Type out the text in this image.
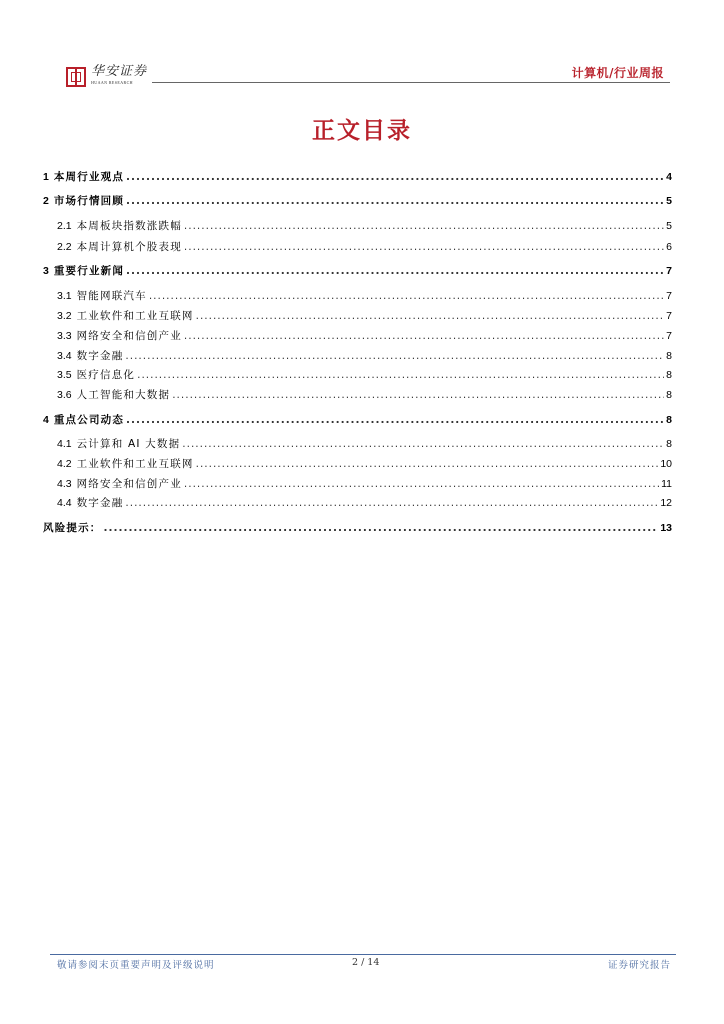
华安证券
HUAAN RESEARCH
计算机/行业周报
正文目录
1 本周行业观点 .....	4
2 市场行情回顾 .....	5
2.1 本周板块指数涨跌幅 .....	5
2.2 本周计算机个股表现 .....	6
3 重要行业新闻 .....	7
3.1 智能网联汽车 .....	7
3.2 工业软件和工业互联网 .....	7
3.3 网络安全和信创产业 .....	7
3.4 数字金融 .....	8
3.5 医疗信息化 .....	8
3.6 人工智能和大数据 .....	8
4 重点公司动态 .....	8
4.1 云计算和 AI 大数据 .....	8
4.2 工业软件和工业互联网 .....	10
4.3 网络安全和信创产业 .....	11
4.4 数字金融 .....	12
风险提示： .....	13
敬请参阅末页重要声明及评级说明	2 / 14	证券研究报告
